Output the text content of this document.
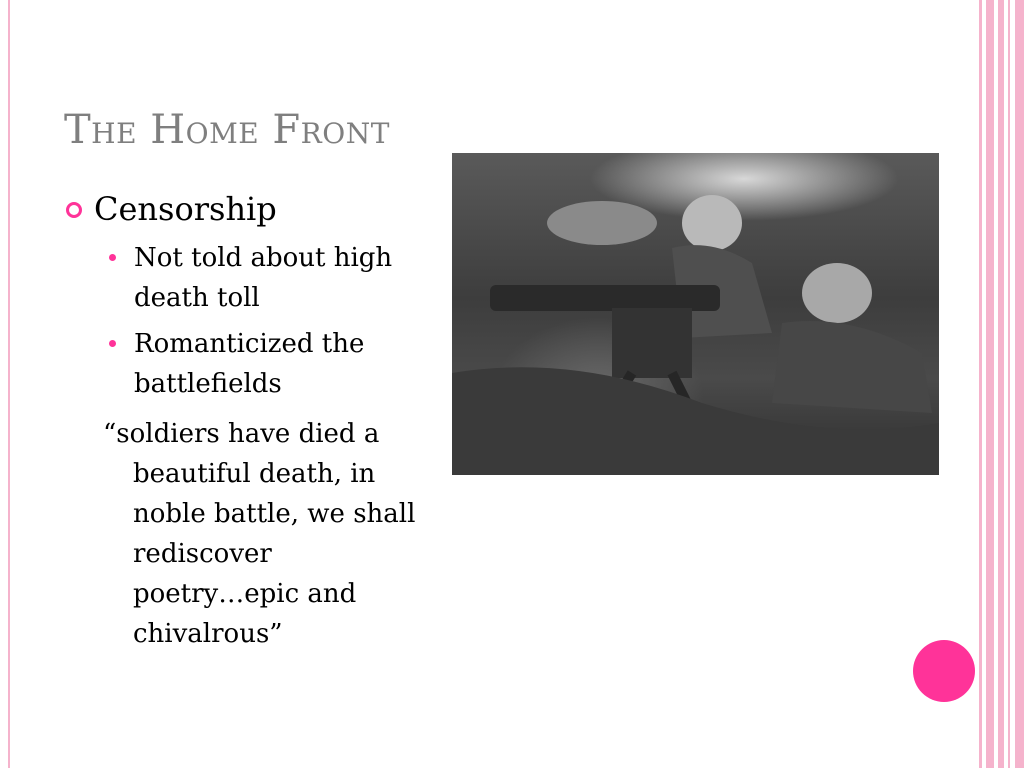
The Home Front
Censorship
Not told about high
death toll
Romanticized the
battlefields
“soldiers have died a
beautiful death, in
noble battle, we shall
rediscover
poetry…epic and
chivalrous”
